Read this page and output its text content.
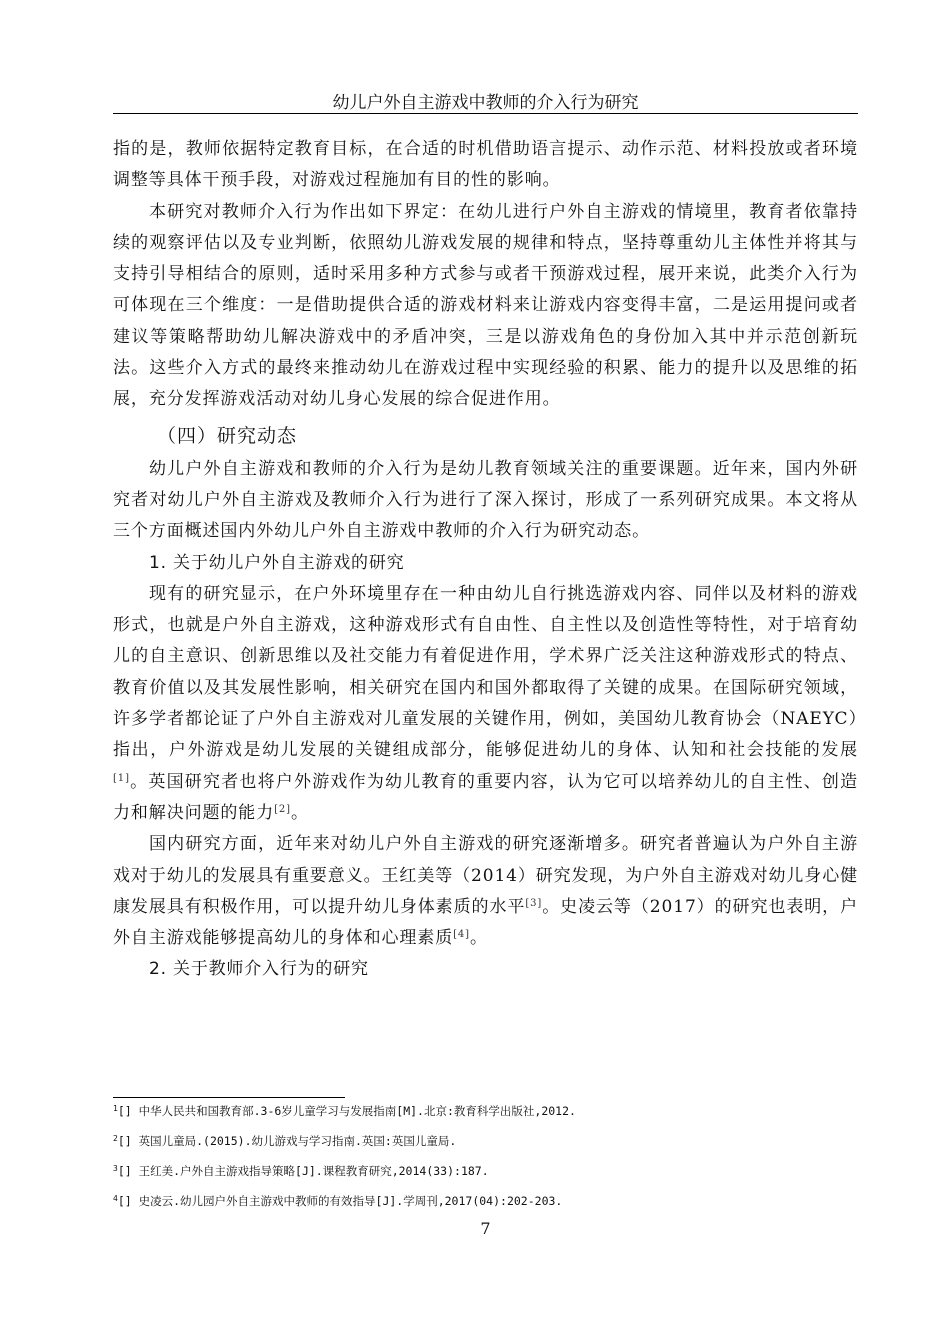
幼儿户外自主游戏中教师的介入行为研究

指的是，教师依据特定教育目标，在合适的时机借助语言提示、动作示范、材料投放或者环境调整等具体干预手段，对游戏过程施加有目的性的影响。

本研究对教师介入行为作出如下界定：在幼儿进行户外自主游戏的情境里，教育者依靠持续的观察评估以及专业判断，依照幼儿游戏发展的规律和特点，坚持尊重幼儿主体性并将其与支持引导相结合的原则，适时采用多种方式参与或者干预游戏过程，展开来说，此类介入行为可体现在三个维度：一是借助提供合适的游戏材料来让游戏内容变得丰富，二是运用提问或者建议等策略帮助幼儿解决游戏中的矛盾冲突，三是以游戏角色的身份加入其中并示范创新玩法。这些介入方式的最终来推动幼儿在游戏过程中实现经验的积累、能力的提升以及思维的拓展，充分发挥游戏活动对幼儿身心发展的综合促进作用。

（四）研究动态

幼儿户外自主游戏和教师的介入行为是幼儿教育领域关注的重要课题。近年来，国内外研究者对幼儿户外自主游戏及教师介入行为进行了深入探讨，形成了一系列研究成果。本文将从三个方面概述国内外幼儿户外自主游戏中教师的介入行为研究动态。

1. 关于幼儿户外自主游戏的研究

现有的研究显示，在户外环境里存在一种由幼儿自行挑选游戏内容、同伴以及材料的游戏形式，也就是户外自主游戏，这种游戏形式有自由性、自主性以及创造性等特性，对于培育幼儿的自主意识、创新思维以及社交能力有着促进作用，学术界广泛关注这种游戏形式的特点、教育价值以及其发展性影响，相关研究在国内和国外都取得了关键的成果。在国际研究领域，许多学者都论证了户外自主游戏对儿童发展的关键作用，例如，美国幼儿教育协会（NAEYC）指出，户外游戏是幼儿发展的关键组成部分，能够促进幼儿的身体、认知和社会技能的发展[1]。英国研究者也将户外游戏作为幼儿教育的重要内容，认为它可以培养幼儿的自主性、创造力和解决问题的能力[2]。

国内研究方面，近年来对幼儿户外自主游戏的研究逐渐增多。研究者普遍认为户外自主游戏对于幼儿的发展具有重要意义。王红美等（2014）研究发现，为户外自主游戏对幼儿身心健康发展具有积极作用，可以提升幼儿身体素质的水平[3]。史凌云等（2017）的研究也表明，户外自主游戏能够提高幼儿的身体和心理素质[4]。

2. 关于教师介入行为的研究

$^1$[] 中华人民共和国教育部.3-6岁儿童学习与发展指南[M].北京:教育科学出版社,2012.

$^2$[] 英国儿童局.(2015).幼儿游戏与学习指南.英国:英国儿童局.

$^3$[] 王红美.户外自主游戏指导策略[J].课程教育研究,2014(33):187.

$^4$[] 史凌云.幼儿园户外自主游戏中教师的有效指导[J].学周刊,2017(04):202-203.

7
